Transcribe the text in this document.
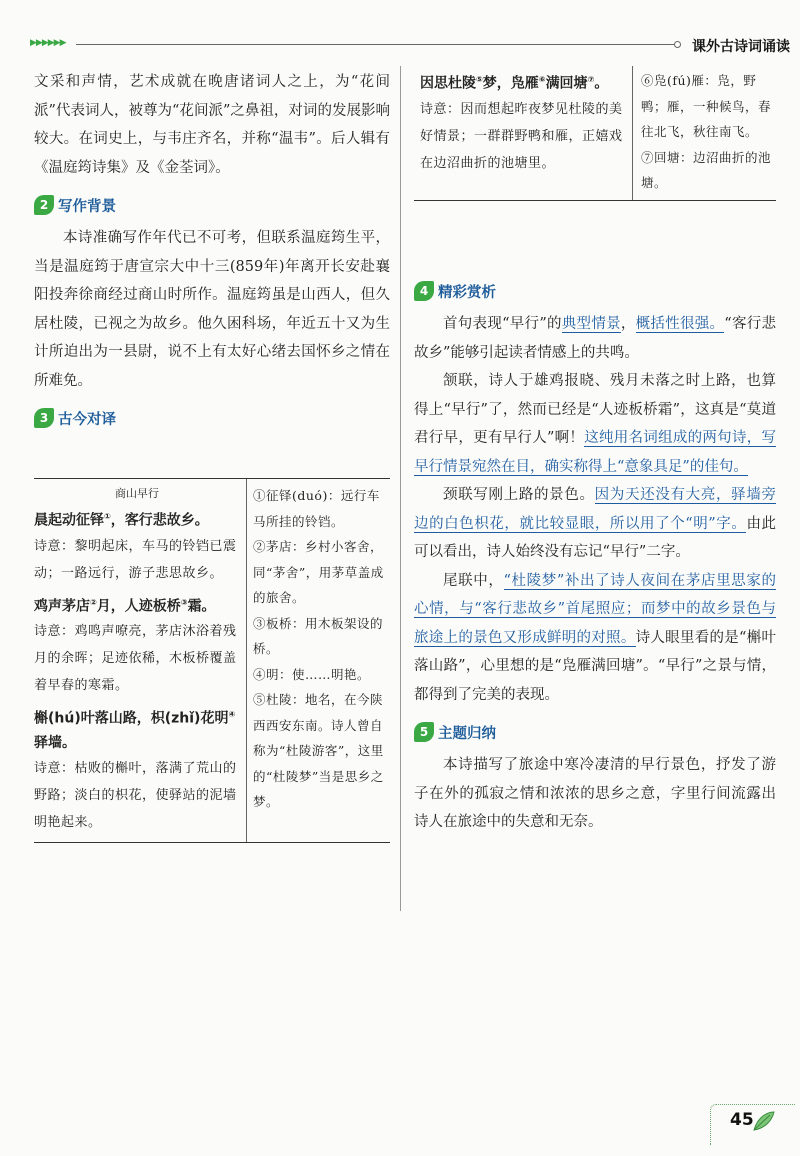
▶▶▶▶▶▶	课外古诗词诵读

文采和声情，艺术成就在晚唐诸词人之上，为“花间派”代表词人，被尊为“花间派”之鼻祖，对词的发展影响较大。在词史上，与韦庄齐名，并称“温韦”。后人辑有《温庭筠诗集》及《金荃词》。

2 写作背景

本诗准确写作年代已不可考，但联系温庭筠生平，当是温庭筠于唐宣宗大中十三(859年)年离开长安赴襄阳投奔徐商经过商山时所作。温庭筠虽是山西人，但久居杜陵，已视之为故乡。他久困科场，年近五十又为生计所迫出为一县尉，说不上有太好心绪去国怀乡之情在所难免。

3 古今对译
商山早行
晨起动征铎①，客行悲故乡。
诗意：黎明起床，车马的铃铛已震动；一路远行，游子悲思故乡。
鸡声茅店②月，人迹板桥③霜。
诗意：鸡鸣声嘹亮，茅店沐浴着残月的余晖；足迹依稀，木板桥覆盖着早春的寒霜。
槲(hú)叶落山路，枳(zhǐ)花明④驿墙。
诗意：枯败的槲叶，落满了荒山的野路；淡白的枳花，使驿站的泥墙明艳起来。
①征铎(duó)：远行车马所挂的铃铛。
②茅店：乡村小客舍，同“茅舍”，用茅草盖成的旅舍。
③板桥：用木板架设的桥。
④明：使……明艳。
⑤杜陵：地名，在今陕西西安东南。诗人曾自称为“杜陵游客”，这里的“杜陵梦”当是思乡之梦。
因思杜陵⑤梦，凫雁⑥满回塘⑦。
诗意：因而想起昨夜梦见杜陵的美好情景；一群群野鸭和雁，正嬉戏在边沼曲折的池塘里。
⑥凫(fú)雁：凫，野鸭；雁，一种候鸟，春往北飞，秋往南飞。
⑦回塘：边沼曲折的池塘。
4 精彩赏析

首句表现“早行”的典型情景，概括性很强。“客行悲故乡”能够引起读者情感上的共鸣。

颔联，诗人于雄鸡报晓、残月未落之时上路，也算得上“早行”了，然而已经是“人迹板桥霜”，这真是“莫道君行早，更有早行人”啊！这纯用名词组成的两句诗，写早行情景宛然在目，确实称得上“意象具足”的佳句。

颈联写刚上路的景色。因为天还没有大亮，驿墙旁边的白色枳花，就比较显眼，所以用了个“明”字。由此可以看出，诗人始终没有忘记“早行”二字。

尾联中，“杜陵梦”补出了诗人夜间在茅店里思家的心情，与“客行悲故乡”首尾照应；而梦中的故乡景色与旅途上的景色又形成鲜明的对照。诗人眼里看的是“槲叶落山路”，心里想的是“凫雁满回塘”。“早行”之景与情，都得到了完美的表现。

5 主题归纳

本诗描写了旅途中寒冷凄清的早行景色，抒发了游子在外的孤寂之情和浓浓的思乡之意，字里行间流露出诗人在旅途中的失意和无奈。

45
